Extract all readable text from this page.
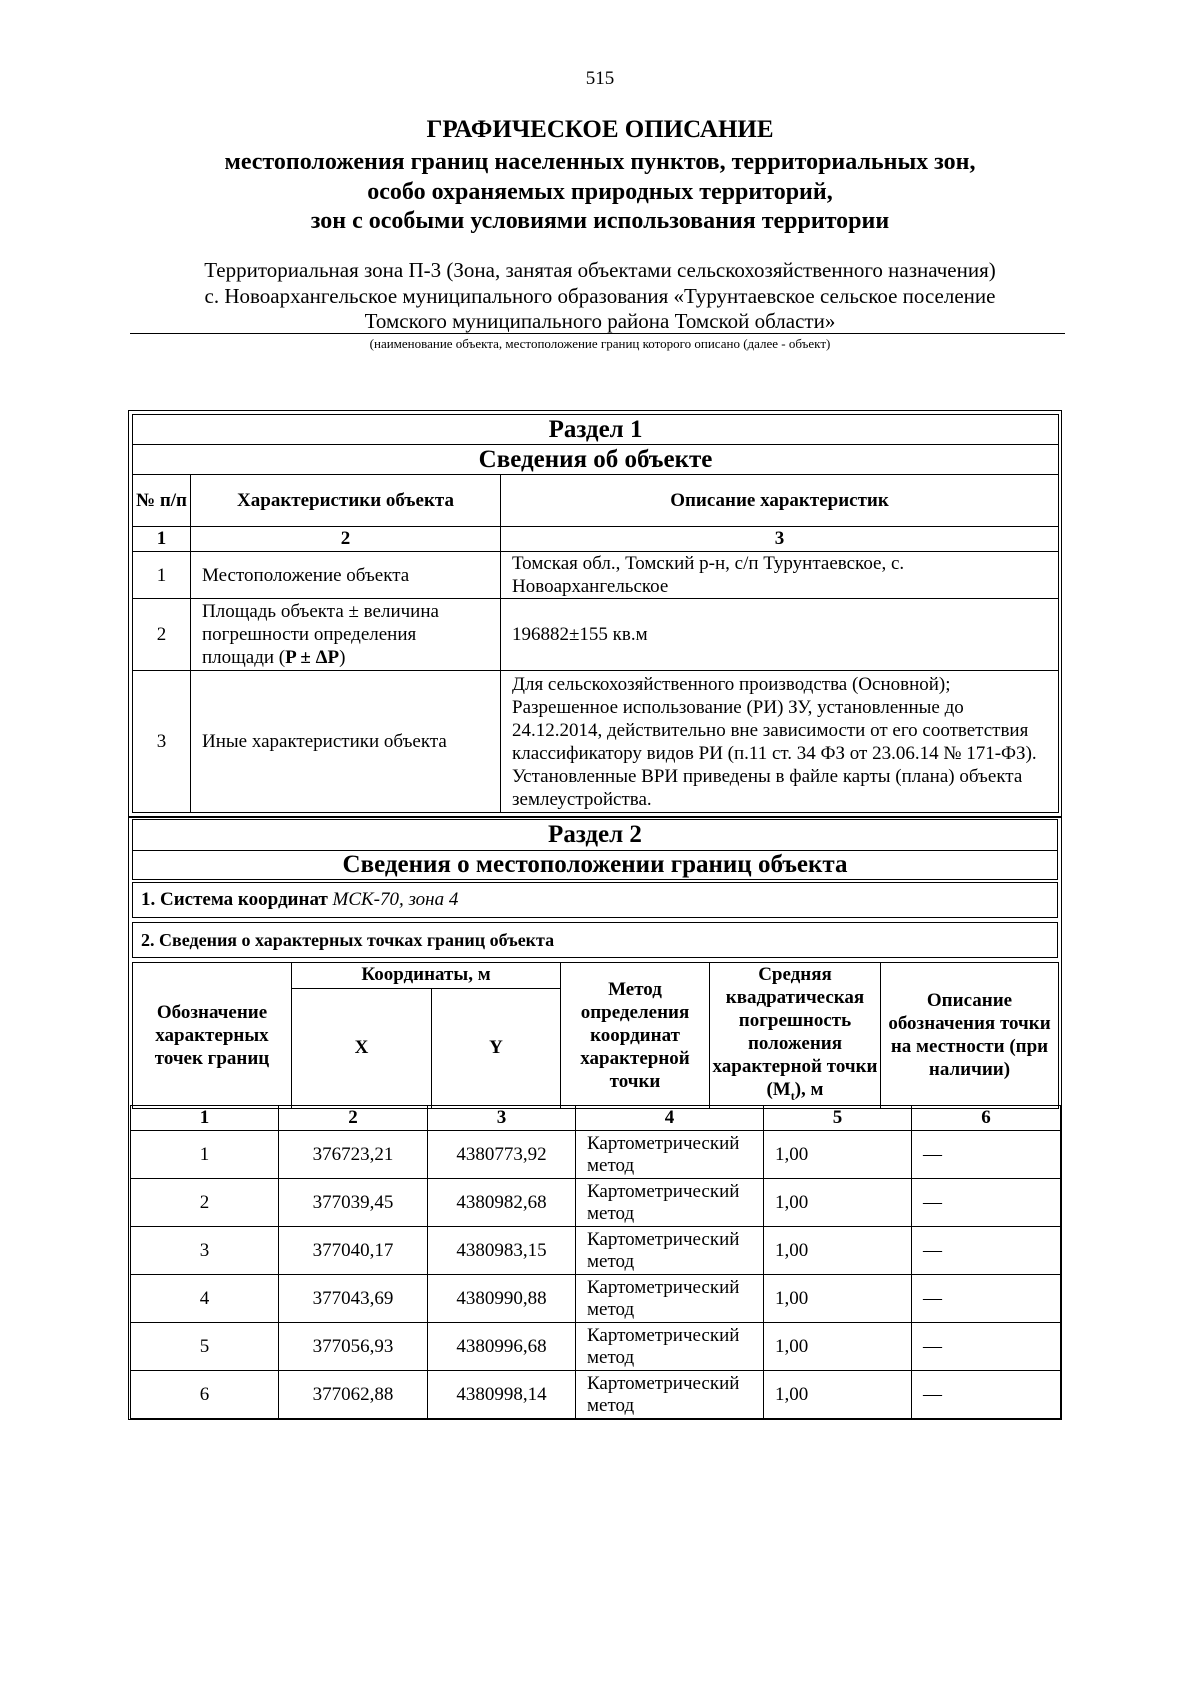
515
ГРАФИЧЕСКОЕ ОПИСАНИЕ
местоположения границ населенных пунктов, территориальных зон,
особо охраняемых природных территорий,
зон с особыми условиями использования территории
Территориальная зона П-3 (Зона, занятая объектами сельскохозяйственного назначения)
с. Новоархангельское муниципального образования «Турунтаевское сельское поселение
Томского муниципального района Томской области»
(наименование объекта, местоположение границ которого описано (далее - объект)
Раздел 1		
Сведения об объекте		
№ п/п	Характеристики объекта	Описание характеристик
1	2	3
1	Местоположение объекта	Томская обл., Томский р-н, с/п Турунтаевское, с. Новоархангельское
2	Площадь объекта ± величина погрешности определения площади (P ± ΔP)	196882±155 кв.м
3	Иные характеристики объекта	Для сельскохозяйственного производства (Основной); Разрешенное использование (РИ) ЗУ, установленные до 24.12.2014, действительно вне зависимости от его соответствия классификатору видов РИ (п.11 ст. 34 ФЗ от 23.06.14 № 171-ФЗ). Установленные ВРИ приведены в файле карты (плана) объекта землеустройства.
Раздел 2
Сведения о местоположении границ объекта
1. Система координат МСК-70, зона 4
2. Сведения о характерных точках границ объекта
Обозначение характерных точек границ	Координаты, м		Метод определения координат характерной точки	Средняя квадратическая погрешность положения характерной точки $(M_t)$, м	Описание обозначения точки на местности (при наличии)
	X	Y			
1	2	3	4	5	6
1	376723,21	4380773,92	Картометрический метод	1,00	—
2	377039,45	4380982,68	Картометрический метод	1,00	—
3	377040,17	4380983,15	Картометрический метод	1,00	—
4	377043,69	4380990,88	Картометрический метод	1,00	—
5	377056,93	4380996,68	Картометрический метод	1,00	—
6	377062,88	4380998,14	Картометрический метод	1,00	—
